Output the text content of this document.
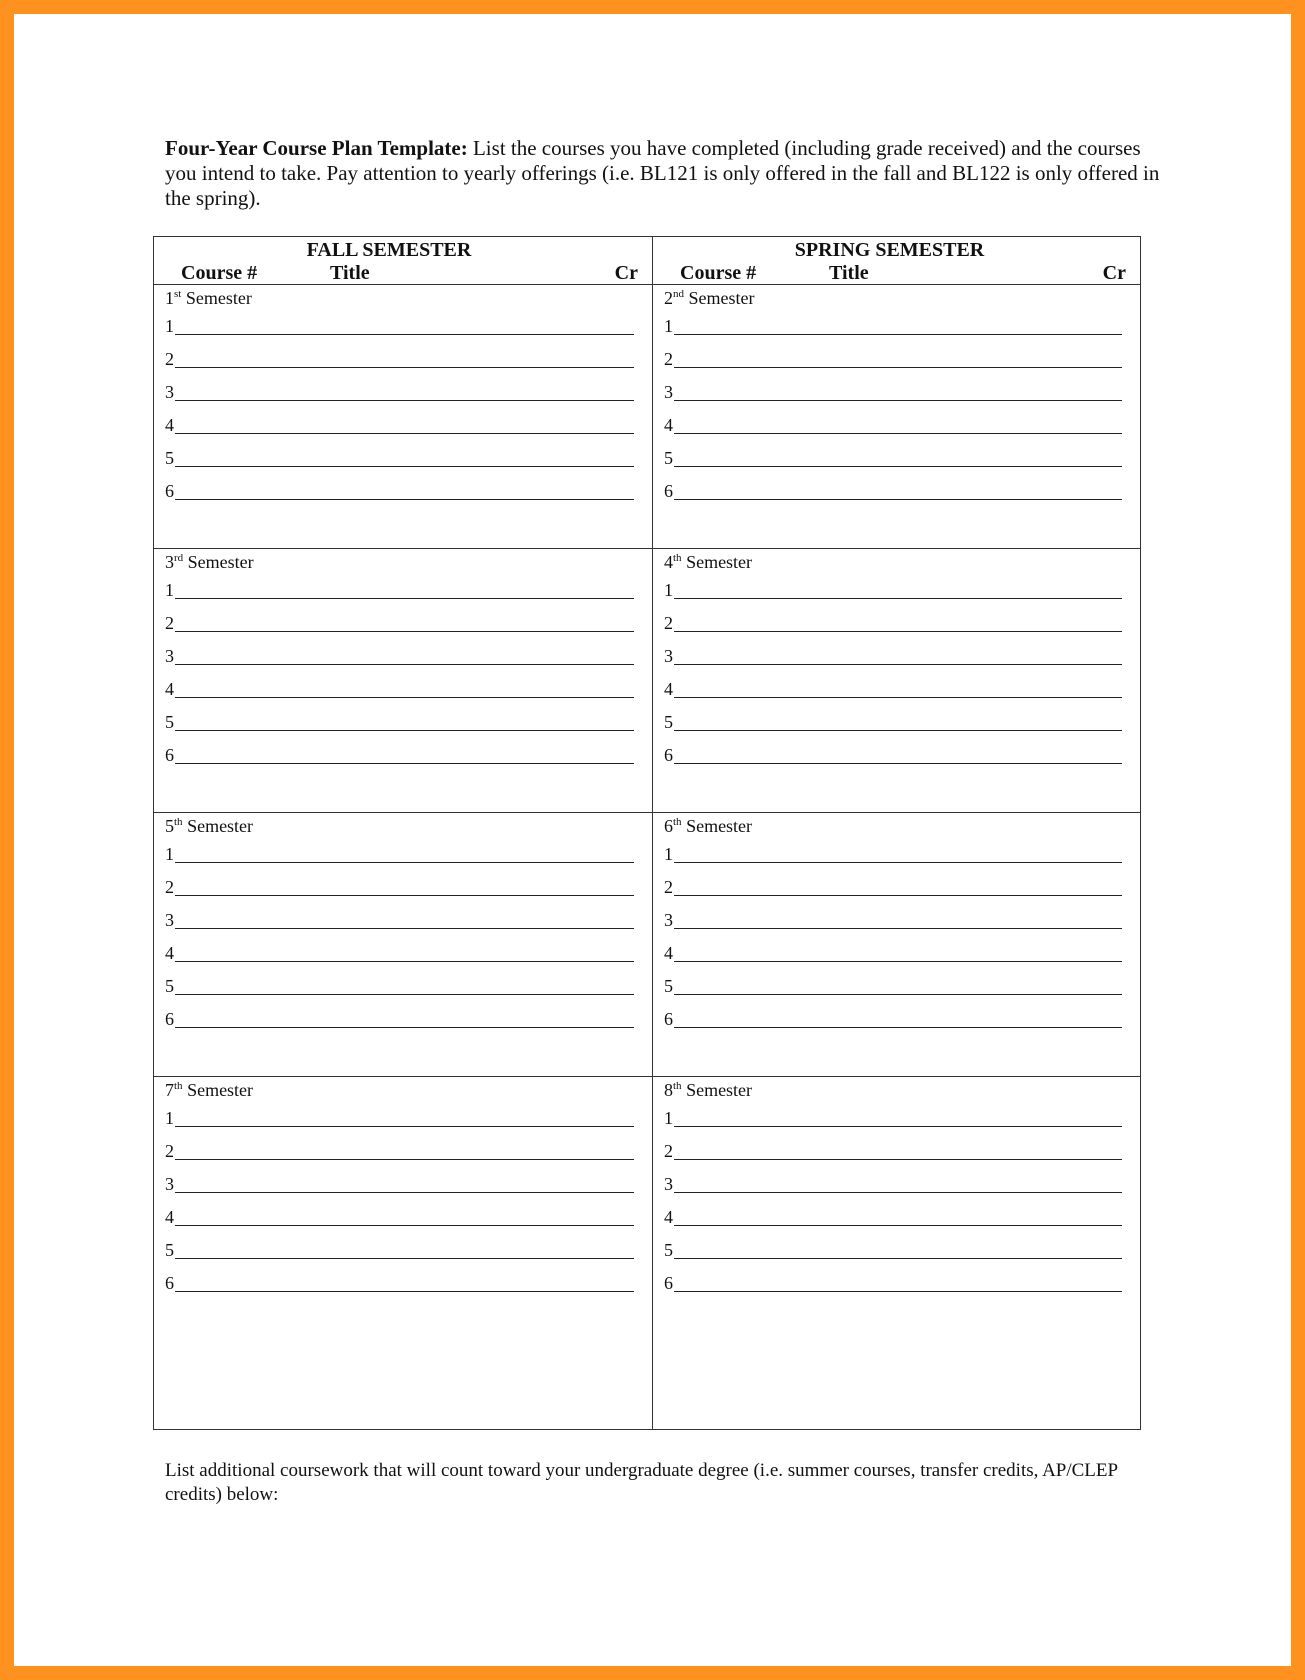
Four-Year Course Plan Template: List the courses you have completed (including grade received) and the courses you intend to take. Pay attention to yearly offerings (i.e. BL121 is only offered in the fall and BL122 is only offered in the spring).

FALL SEMESTER
Course #	Title	Cr
SPRING SEMESTER
Course #	Title	Cr
1st Semester
1
2
3
4
5
6
2nd Semester
1
2
3
4
5
6
3rd Semester
1
2
3
4
5
6
4th Semester
1
2
3
4
5
6
5th Semester
1
2
3
4
5
6
6th Semester
1
2
3
4
5
6
7th Semester
1
2
3
4
5
6
8th Semester
1
2
3
4
5
6

List additional coursework that will count toward your undergraduate degree (i.e. summer courses, transfer credits, AP/CLEP credits) below:
